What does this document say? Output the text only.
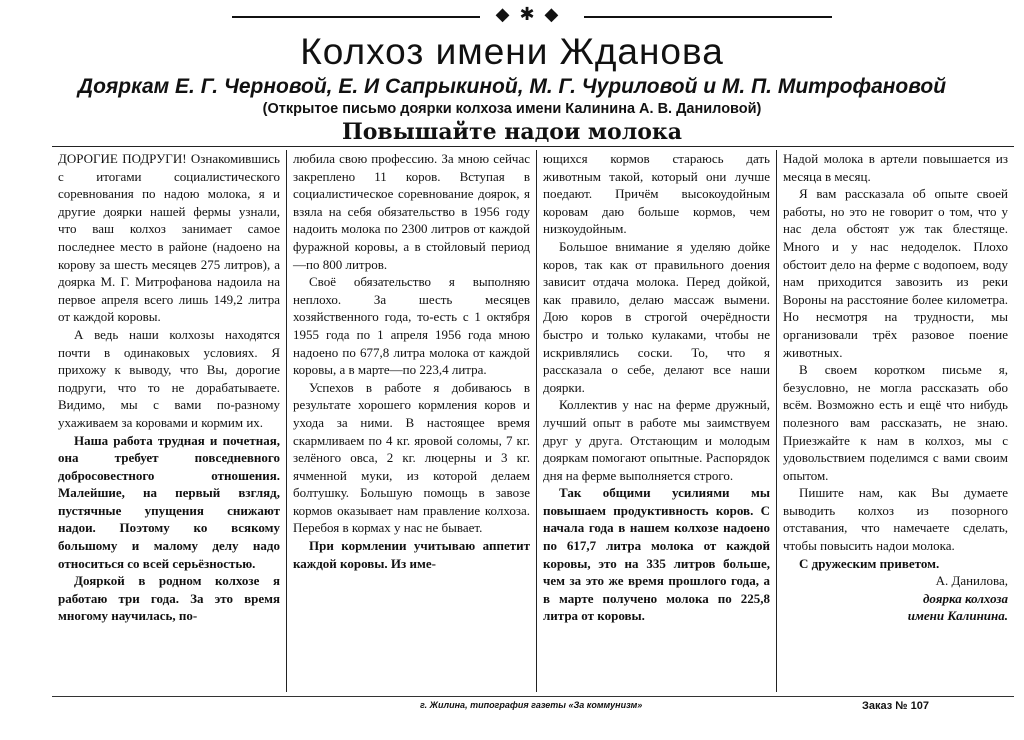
◆✱◆
Колхоз имени Жданова
Дояркам Е. Г. Черновой, Е. И Сапрыкиной, М. Г. Чуриловой и М. П. Митрофановой
(Открытое письмо доярки колхоза имени Калинина А. В. Даниловой)
Повышайте надои молока

ДОРОГИЕ ПОДРУГИ! Ознакомившись с итогами социалистического соревнования по надою молока, я и другие доярки нашей фермы узнали, что ваш колхоз занимает самое последнее место в районе (надоено на корову за шесть месяцев 275 литров), а доярка М. Г. Митрофанова надоила на первое апреля всего лишь 149,2 литра от каждой коровы.

А ведь наши колхозы находятся почти в одинаковых условиях. Я прихожу к выводу, что Вы, дорогие подруги, что то не дорабатываете. Видимо, мы с вами по-разному ухаживаем за коровами и кормим их.

Наша работа трудная и почетная, она требует повседневного добросовестного отношения. Малейшие, на первый взгляд, пустячные упущения снижают надои. Поэтому ко всякому большому и малому делу надо относиться со всей серьёзностью.

Дояркой в родном колхозе я работаю три года. За это время многому научилась, по-

любила свою профессию. За мною сейчас закреплено 11 коров. Вступая в социалистическое соревнование доярок, я взяла на себя обязательство в 1956 году надоить молока по 2300 литров от каждой фуражной коровы, а в стойловый период—по 800 литров.

Своё обязательство я выполняю неплохо. За шесть месяцев хозяйственного года, то-есть с 1 октября 1955 года по 1 апреля 1956 года мною надоено по 677,8 литра молока от каждой коровы, а в марте—по 223,4 литра.

Успехов в работе я добиваюсь в результате хорошего кормления коров и ухода за ними. В настоящее время скармливаем по 4 кг. яровой соломы, 7 кг. зелёного овса, 2 кг. люцерны и 3 кг. ячменной муки, из которой делаем болтушку. Большую помощь в завозе кормов оказывает нам правление колхоза. Перебоя в кормах у нас не бывает.

При кормлении учитываю аппетит каждой коровы. Из име-

ющихся кормов стараюсь дать животным такой, который они лучше поедают. Причём высокоудойным коровам даю больше кормов, чем низкоудойным.

Большое внимание я уделяю дойке коров, так как от правильного доения зависит отдача молока. Перед дойкой, как правило, делаю массаж вымени. Дою коров в строгой очерёдности быстро и только кулаками, чтобы не искривлялись соски. То, что я рассказала о себе, делают все наши доярки.

Коллектив у нас на ферме дружный, лучший опыт в работе мы заимствуем друг у друга. Отстающим и молодым дояркам помогают опытные. Распорядок дня на ферме выполняется строго.

Так общими усилиями мы повышаем продуктивность коров. С начала года в нашем колхозе надоено по 617,7 литра молока от каждой коровы, это на 335 литров больше, чем за это же время прошлого года, а в марте получено молока по 225,8 литра от коровы.

Надой молока в артели повышается из месяца в месяц.

Я вам рассказала об опыте своей работы, но это не говорит о том, что у нас дела обстоят уж так блестяще. Много и у нас недоделок. Плохо обстоит дело на ферме с водопоем, воду нам приходится завозить из реки Вороны на расстояние более километра. Но несмотря на трудности, мы организовали трёх разовое поение животных.

В своем коротком письме я, безусловно, не могла рассказать обо всём. Возможно есть и ещё что нибудь полезного вам рассказать, не знаю. Приезжайте к нам в колхоз, мы с удовольствием поделимся с вами своим опытом.

Пишите нам, как Вы думаете выводить колхоз из позорного отставания, что намечаете сделать, чтобы повысить надои молока.

С дружеским приветом.

А. Данилова,

доярка колхоза

имени Калинина.

г. Жилина, типография газеты «За коммунизм»	Заказ № 107
